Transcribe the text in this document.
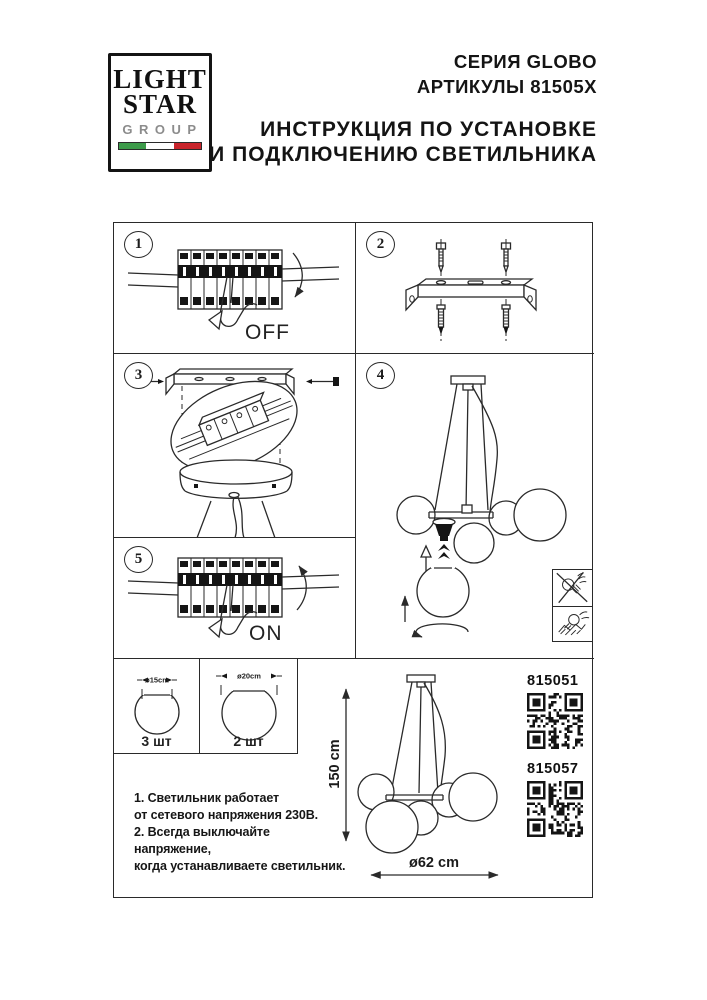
LIGHT
STAR
GROUP
СЕРИЯ GLOBO
АРТИКУЛЫ 81505X
ИНСТРУКЦИЯ ПО УСТАНОВКЕ
И ПОДКЛЮЧЕНИЮ СВЕТИЛЬНИКА
1
OFF
2
3	4
5
ON
ø15cm
3 шт
ø20cm
2 шт
1. Светильник работает
от сетевого напряжения 230В.
2. Всегда выключайте напряжение,
когда устанавливаете светильник.
150 cm
ø62 cm
815051
815057
